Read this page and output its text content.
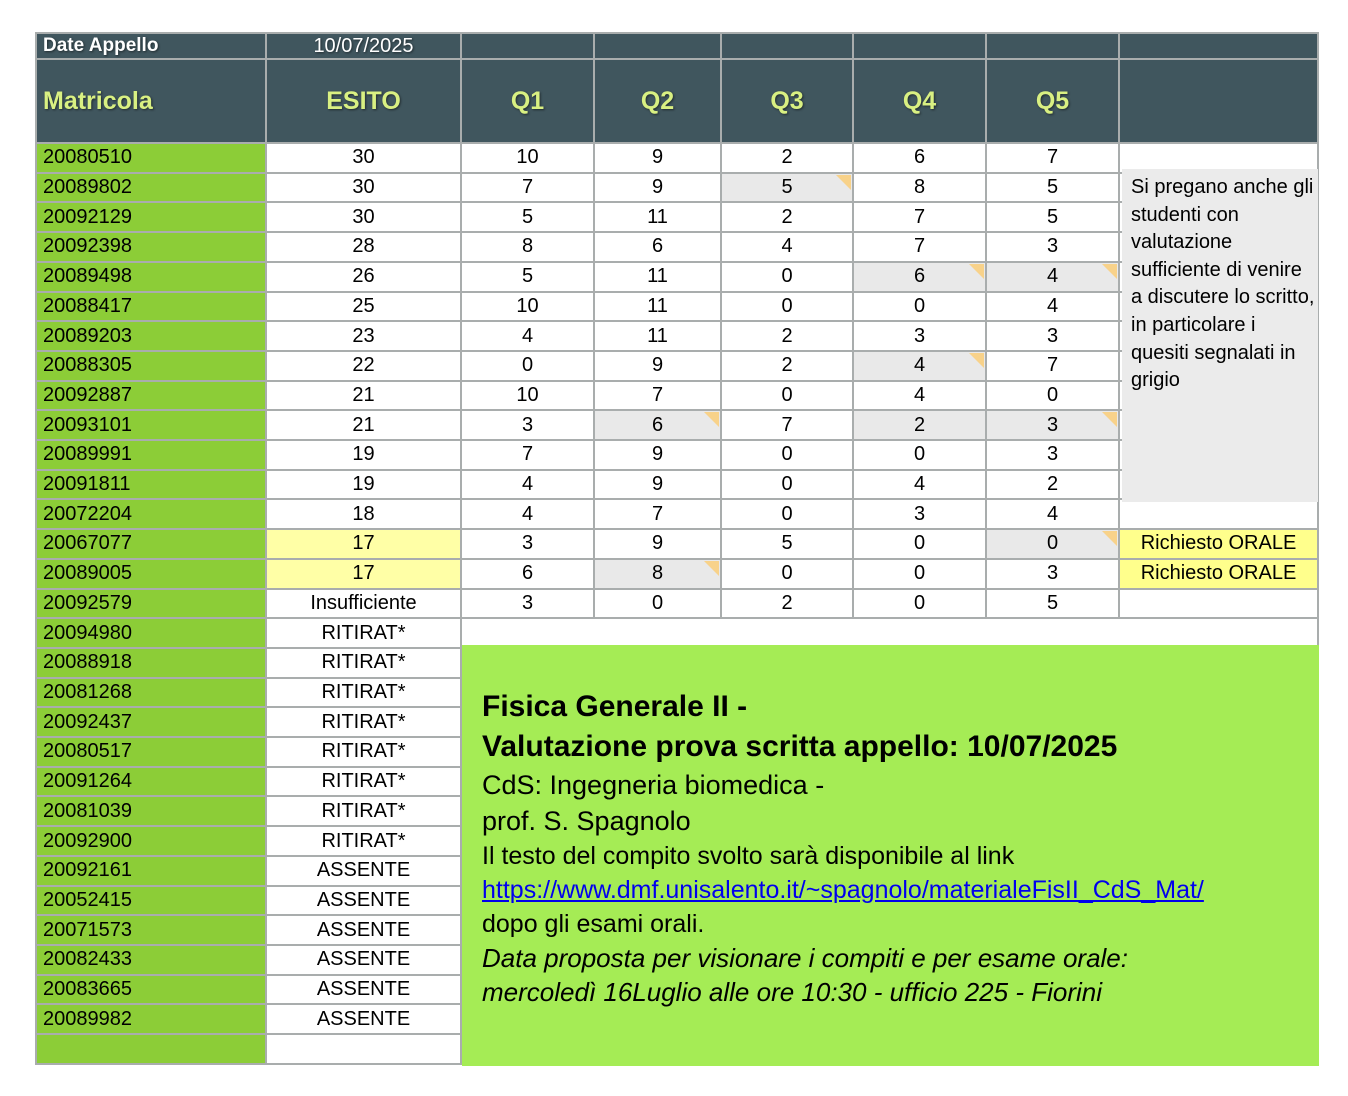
Date Appello	10/07/2025
Matricola	ESITO	Q1	Q2	Q3	Q4	Q5
20080510	30	10	9	2	6	7
20089802	30	7	9	5	8	5
20092129	30	5	11	2	7	5
20092398	28	8	6	4	7	3
20089498	26	5	11	0	6	4
20088417	25	10	11	0	0	4
20089203	23	4	11	2	3	3
20088305	22	0	9	2	4	7
20092887	21	10	7	0	4	0
20093101	21	3	6	7	2	3
20089991	19	7	9	0	0	3
20091811	19	4	9	0	4	2
20072204	18	4	7	0	3	4
20067077	17	3	9	5	0	0	Richiesto ORALE
20089005	17	6	8	0	0	3	Richiesto ORALE
20092579	Insufficiente	3	0	2	0	5
20094980	RITIRAT*
20088918	RITIRAT*
20081268	RITIRAT*
20092437	RITIRAT*
20080517	RITIRAT*
20091264	RITIRAT*
20081039	RITIRAT*
20092900	RITIRAT*
20092161	ASSENTE
20052415	ASSENTE
20071573	ASSENTE
20082433	ASSENTE
20083665	ASSENTE
20089982	ASSENTE
Si pregano anche gli studenti con valutazione sufficiente di venire a discutere lo scritto, in particolare i quesiti segnalati in grigio
Fisica Generale II -
Valutazione prova scritta appello: 10/07/2025
CdS: Ingegneria biomedica -
prof. S. Spagnolo
Il testo del compito svolto sarà disponibile al link
https://www.dmf.unisalento.it/~spagnolo/materialeFisII_CdS_Mat/
dopo gli esami orali.
Data proposta per visionare i compiti e per esame orale:
mercoledì 16Luglio alle ore 10:30 - ufficio 225 - Fiorini
